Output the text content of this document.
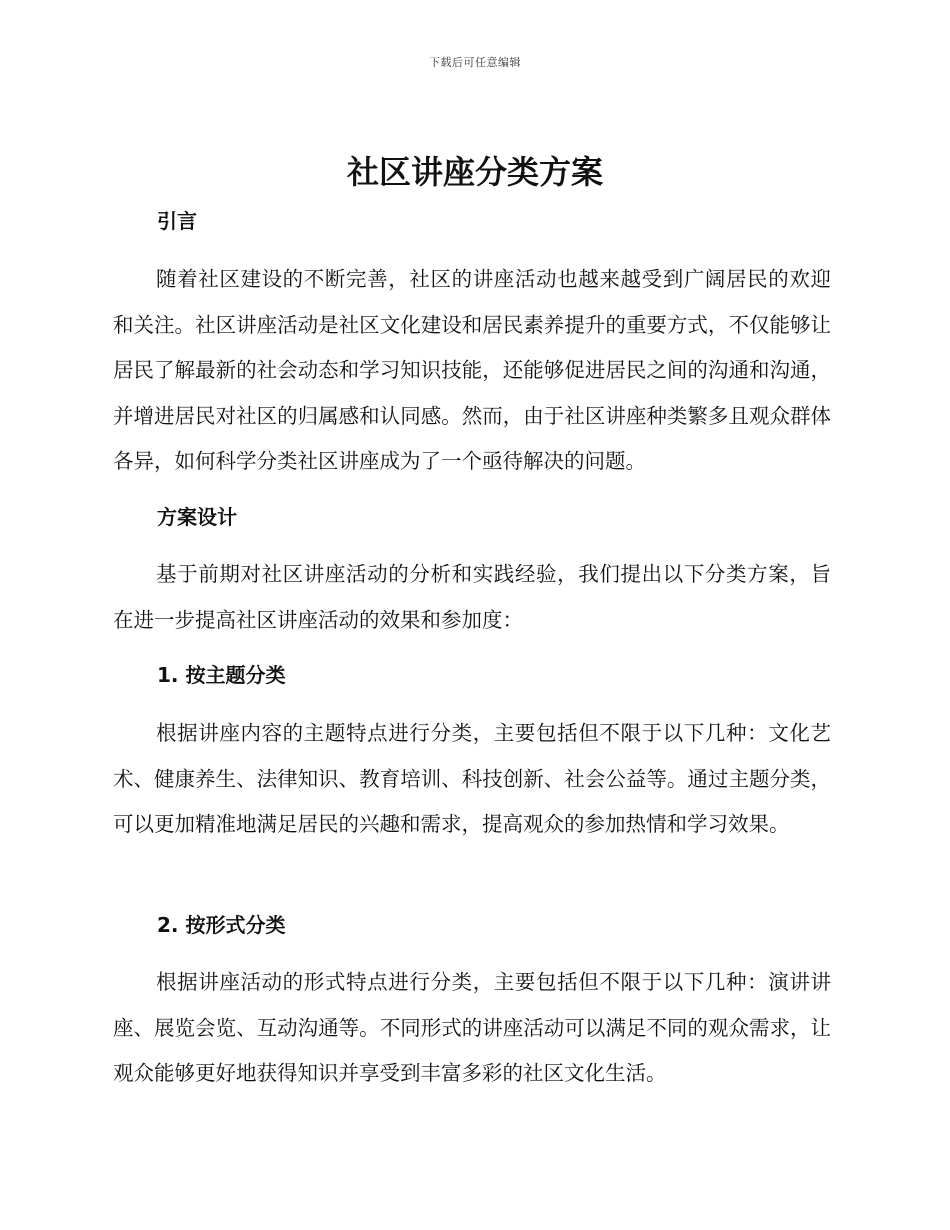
下载后可任意编辑
社区讲座分类方案
引言

随着社区建设的不断完善，社区的讲座活动也越来越受到广阔居民的欢迎和关注。社区讲座活动是社区文化建设和居民素养提升的重要方式，不仅能够让居民了解最新的社会动态和学习知识技能，还能够促进居民之间的沟通和沟通，并增进居民对社区的归属感和认同感。然而，由于社区讲座种类繁多且观众群体各异，如何科学分类社区讲座成为了一个亟待解决的问题。

方案设计

基于前期对社区讲座活动的分析和实践经验，我们提出以下分类方案，旨在进一步提高社区讲座活动的效果和参加度：

1. 按主题分类

根据讲座内容的主题特点进行分类，主要包括但不限于以下几种：文化艺术、健康养生、法律知识、教育培训、科技创新、社会公益等。通过主题分类，可以更加精准地满足居民的兴趣和需求，提高观众的参加热情和学习效果。

2. 按形式分类

根据讲座活动的形式特点进行分类，主要包括但不限于以下几种：演讲讲座、展览会览、互动沟通等。不同形式的讲座活动可以满足不同的观众需求，让观众能够更好地获得知识并享受到丰富多彩的社区文化生活。
